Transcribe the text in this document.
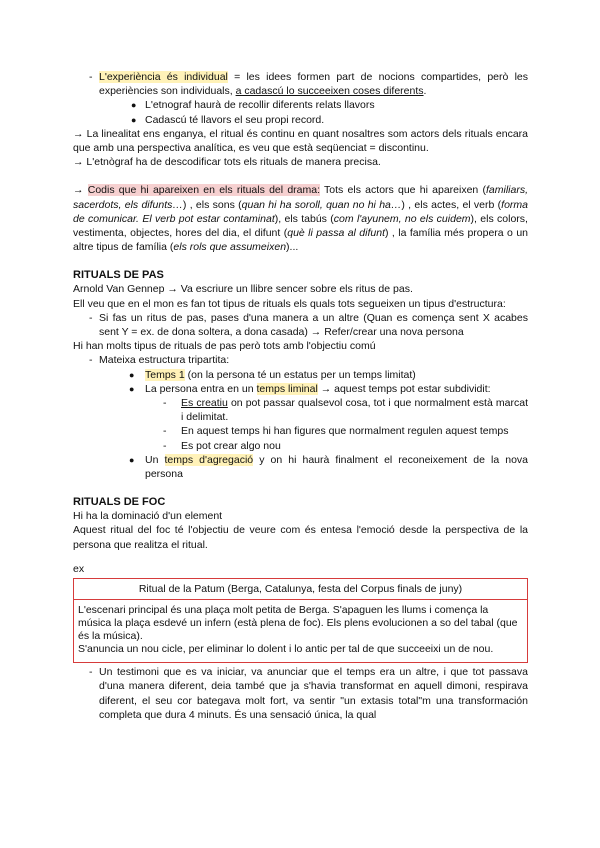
- L'experiència és individual = les idees formen part de nocions compartides, però les experiències son individuals, a cadascú lo succeeixen coses diferents.

● L'etnograf haurà de recollir diferents relats llavors

● Cadascú té llavors el seu propi record.

→ La linealitat ens enganya, el ritual és continu en quant nosaltres som actors dels rituals encara que amb una perspectiva analítica, es veu que està seqüenciat = discontinu.

→ L'etnògraf ha de descodificar tots els rituals de manera precisa.

→ Codis que hi apareixen en els rituals del drama: Tots els actors que hi apareixen (familiars, sacerdots, els difunts…) , els sons (quan hi ha soroll, quan no hi ha…) , els actes, el verb (forma de comunicar. El verb pot estar contaminat), els tabús (com l'ayunem, no els cuidem), els colors, vestimenta, objectes, hores del dia, el difunt (què li passa al difunt) , la família més propera o un altre tipus de família (els rols que assumeixen)...

RITUALS DE PAS

Arnold Van Gennep → Va escriure un llibre sencer sobre els ritus de pas.

Ell veu que en el mon es fan tot tipus de rituals els quals tots segueixen un tipus d'estructura:

- Si fas un ritus de pas, pases d'una manera a un altre (Quan es comença sent X acabes sent Y = ex. de dona soltera, a dona casada) → Refer/crear una nova persona

Hi han molts tipus de rituals de pas però tots amb l'objectiu comú

- Mateixa estructura tripartita:

● Temps 1 (on la persona té un estatus per un temps limitat)

● La persona entra en un temps liminal → aquest temps pot estar subdividit:

- Es creatiu on pot passar qualsevol cosa, tot i que normalment està marcat i delimitat.

- En aquest temps hi han figures que normalment regulen aquest temps

- Es pot crear algo nou

● Un temps d'agregació y on hi haurà finalment el reconeixement de la nova persona

RITUALS DE FOC

Hi ha la dominació d'un element

Aquest ritual del foc té l'objectiu de veure com és entesa l'emoció desde la perspectiva de la persona que realitza el ritual.

ex

Ritual de la Patum (Berga, Catalunya, festa del Corpus finals de juny)

L'escenari principal és una plaça molt petita de Berga. S'apaguen les llums i comença la música la plaça esdevé un infern (està plena de foc). Els plens evolucionen a so del tabal (que és la música).

S'anuncia un nou cicle, per eliminar lo dolent i lo antic per tal de que succeeixi un de nou.

- Un testimoni que es va iniciar, va anunciar que el temps era un altre, i que tot passava d'una manera diferent, deia també que ja s'havia transformat en aquell dimoni, respirava diferent, el seu cor bategava molt fort, va sentir "un extasis total"m una transformación completa que dura 4 minuts. És una sensació única, la qual
